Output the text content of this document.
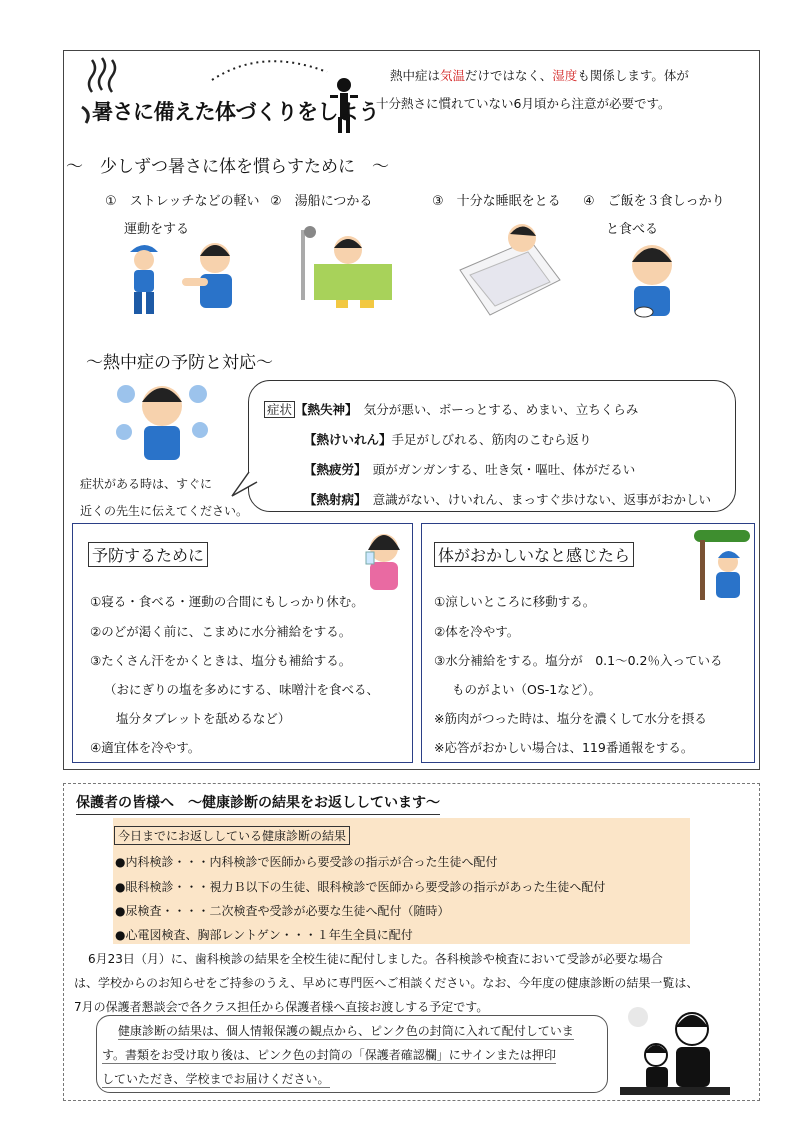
暑さに備えた体づくりをしよう
熱中症は気温だけではなく、湿度も関係します。体が
十分熱さに慣れていない6月頃から注意が必要です。
～　少しずつ暑さに体を慣らすために　～
①　ストレッチなどの軽い
運動をする
②　湯船につかる	③　十分な睡眠をとる ④　ご飯を３食しっかり
と食べる
～熱中症の予防と対応～
症状がある時は、すぐに
近くの先生に伝えてください。
症状 【熱失神】　 気分が悪い、ボーっとする、めまい、立ちくらみ
【熱けいれん】手足がしびれる、筋肉のこむら返り
【熱疲労】　 頭がガンガンする、吐き気・嘔吐、体がだるい
【熱射病】　 意識がない、けいれん、まっすぐ歩けない、返事がおかしい
予防するために
①寝る・食べる・運動の合間にもしっかり休む。
②のどが渇く前に、こまめに水分補給をする。
③たくさん汗をかくときは、塩分も補給する。
（おにぎりの塩を多めにする、味噌汁を食べる、
塩分タブレットを舐めるなど）
④適宜体を冷やす。
体がおかしいなと感じたら
①涼しいところに移動する。
②体を冷やす。
③水分補給をする。塩分が　0.1～0.2％入っている
ものがよい（OS-1など）。
※筋肉がつった時は、塩分を濃くして水分を摂る
※応答がおかしい場合は、119番通報をする。
保護者の皆様へ　～健康診断の結果をお返ししています～
今日までにお返ししている健康診断の結果
●内科検診・・・内科検診で医師から要受診の指示が合った生徒へ配付
●眼科検診・・・視力Ｂ以下の生徒、眼科検診で医師から要受診の指示があった生徒へ配付
●尿検査・・・・二次検査や受診が必要な生徒へ配付（随時）
●心電図検査、胸部レントゲン・・・１年生全員に配付
6月23日（月）に、歯科検診の結果を全校生徒に配付しました。各科検診や検査において受診が必要な場合
は、学校からのお知らせをご持参のうえ、早めに専門医へご相談ください。なお、今年度の健康診断の結果一覧は、
7月の保護者懇談会で各クラス担任から保護者様へ直接お渡しする予定です。
健康診断の結果は、個人情報保護の観点から、ピンク色の封筒に入れて配付していま
す。書類をお受け取り後は、ピンク色の封筒の「保護者確認欄」にサインまたは押印
していただき、学校までお届けください。
